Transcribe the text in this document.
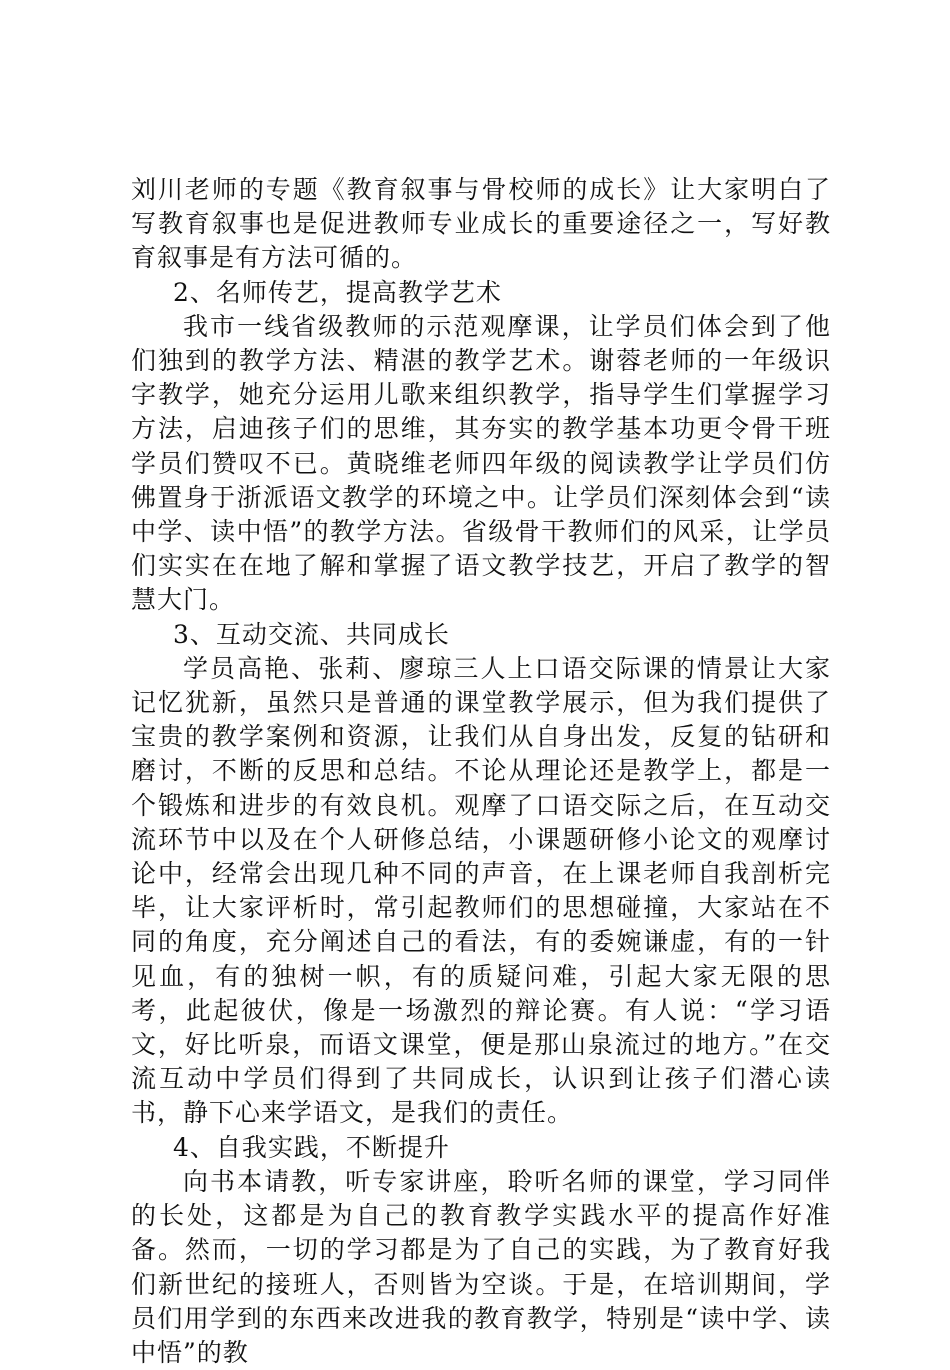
刘川老师的专题《教育叙事与骨校师的成长》让大家明白了写教育叙事也是促进教师专业成长的重要途径之一，写好教育叙事是有方法可循的。

2、名师传艺，提高教学艺术

我市一线省级教师的示范观摩课，让学员们体会到了他们独到的教学方法、精湛的教学艺术。谢蓉老师的一年级识字教学，她充分运用儿歌来组织教学，指导学生们掌握学习方法，启迪孩子们的思维，其夯实的教学基本功更令骨干班学员们赞叹不已。黄晓维老师四年级的阅读教学让学员们仿佛置身于浙派语文教学的环境之中。让学员们深刻体会到“读中学、读中悟”的教学方法。省级骨干教师们的风采，让学员们实实在在地了解和掌握了语文教学技艺，开启了教学的智慧大门。

3、互动交流、共同成长

学员高艳、张莉、廖琼三人上口语交际课的情景让大家记忆犹新，虽然只是普通的课堂教学展示，但为我们提供了宝贵的教学案例和资源，让我们从自身出发，反复的钻研和磨讨，不断的反思和总结。不论从理论还是教学上，都是一个锻炼和进步的有效良机。观摩了口语交际之后，在互动交流环节中以及在个人研修总结，小课题研修小论文的观摩讨论中，经常会出现几种不同的声音，在上课老师自我剖析完毕，让大家评析时，常引起教师们的思想碰撞，大家站在不同的角度，充分阐述自己的看法，有的委婉谦虚，有的一针见血，有的独树一帜，有的质疑问难，引起大家无限的思考，此起彼伏，像是一场激烈的辩论赛。有人说：“学习语文，好比听泉，而语文课堂，便是那山泉流过的地方。”在交流互动中学员们得到了共同成长，认识到让孩子们潜心读书，静下心来学语文，是我们的责任。

4、自我实践，不断提升

向书本请教，听专家讲座，聆听名师的课堂，学习同伴的长处，这都是为自己的教育教学实践水平的提高作好准备。然而，一切的学习都是为了自己的实践，为了教育好我们新世纪的接班人，否则皆为空谈。于是，在培训期间，学员们用学到的东西来改进我的教育教学，特别是“读中学、读中悟”的教
